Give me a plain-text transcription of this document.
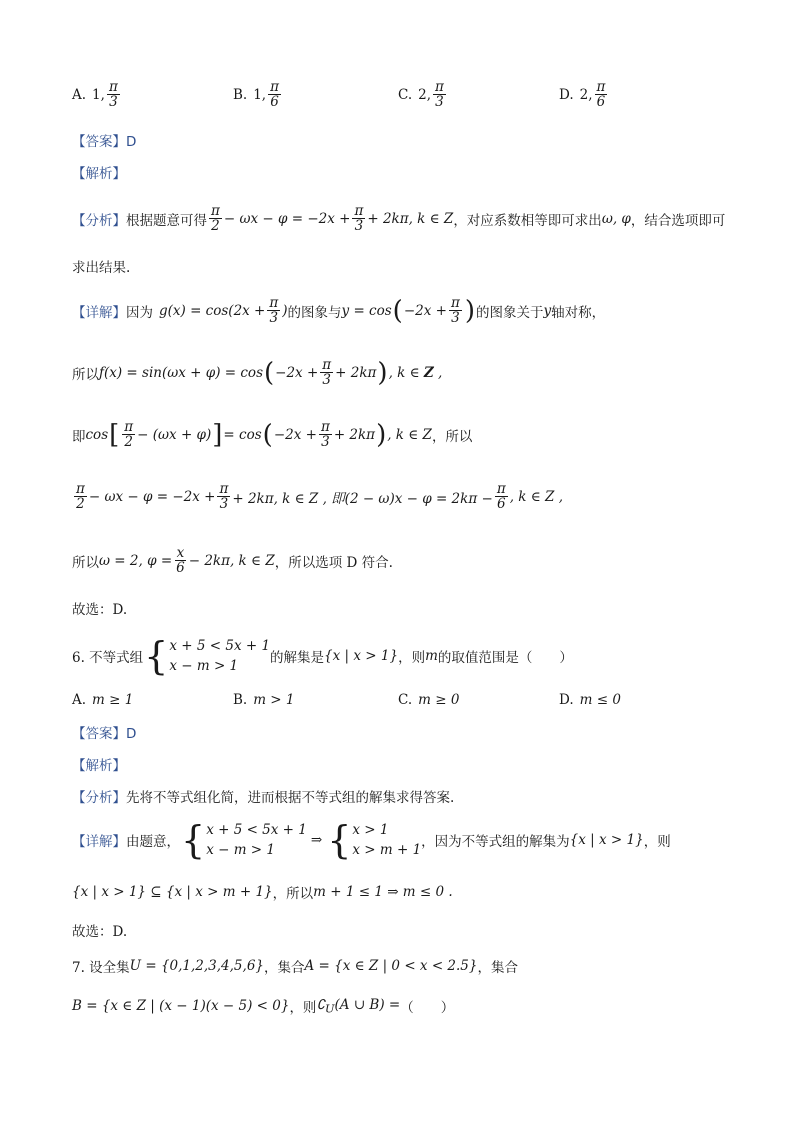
A. 1, $\frac{\pi}{3}$	B. 1, $\frac{\pi}{6}$	C. 2, $\frac{\pi}{3}$	D. 2, $\frac{\pi}{6}$
【答案】D
【解析】
【分析】 根据题意可得 $\frac{\pi}{2} - \omega x - \varphi = -2x + \frac{\pi}{3} + 2k\pi$, k ∈ Z ，对应系数相等即可求出 ω, φ ，结合选项即可
求出结果.
【详解】 因为 $g(x) = \cos(2x + \frac{\pi}{3}$ ) 的图象与 y = cos ( $-2x + \frac{\pi}{3}$ ) 的图象关于 y 轴对称，
所以 f(x) = sin(ωx + φ) = cos ( $-2x + \frac{\pi}{3} + 2k\pi$ ) , k ∈ Z ,
即 cos [ $\frac{\pi}{2} - (\omega x + \varphi)$ ] = cos ( $-2x + \frac{\pi}{3} + 2k\pi$ ) , k ∈ Z ，所以
$\frac{\pi}{2} - \omega x - \varphi = -2x + \frac{\pi}{3} + 2k\pi$, k ∈ Z , 即$(2 - \omega)x - \varphi = 2k\pi - \frac{\pi}{6}$ , k ∈ Z ,
所以 ω = 2, $\varphi = \frac{x}{6} - 2k\pi$, k ∈ Z ，所以选项 D 符合.
故选：D.
6. 不等式组 { x + 5 < 5x + 1
x − m > 1	的解集是 {x | x > 1} ，则 m 的取值范围是（　　）
A. m ≥ 1	B. m > 1	C. m ≥ 0	D. m ≤ 0
【答案】D
【解析】
【分析】 先将不等式组化简，进而根据不等式组的解集求得答案.
【详解】 由题意， { x + 5 < 5x + 1
x − m > 1
⇒ { x > 1
x > m + 1 ，因为不等式组的解集为 {x | x > 1} ，则
{x | x > 1} ⊆ {x | x > m + 1} ，所以 m + 1 ≤ 1 ⇒ m ≤ 0 .
故选：D.
7. 设全集 U = {0,1,2,3,4,5,6} ，集合 A = {x ∈ Z | 0 < x < 2.5} ，集合
B = {x ∈ Z | (x − 1)(x − 5) < 0} ，则 $∁_U(A$ ∪ B) = （　　）
